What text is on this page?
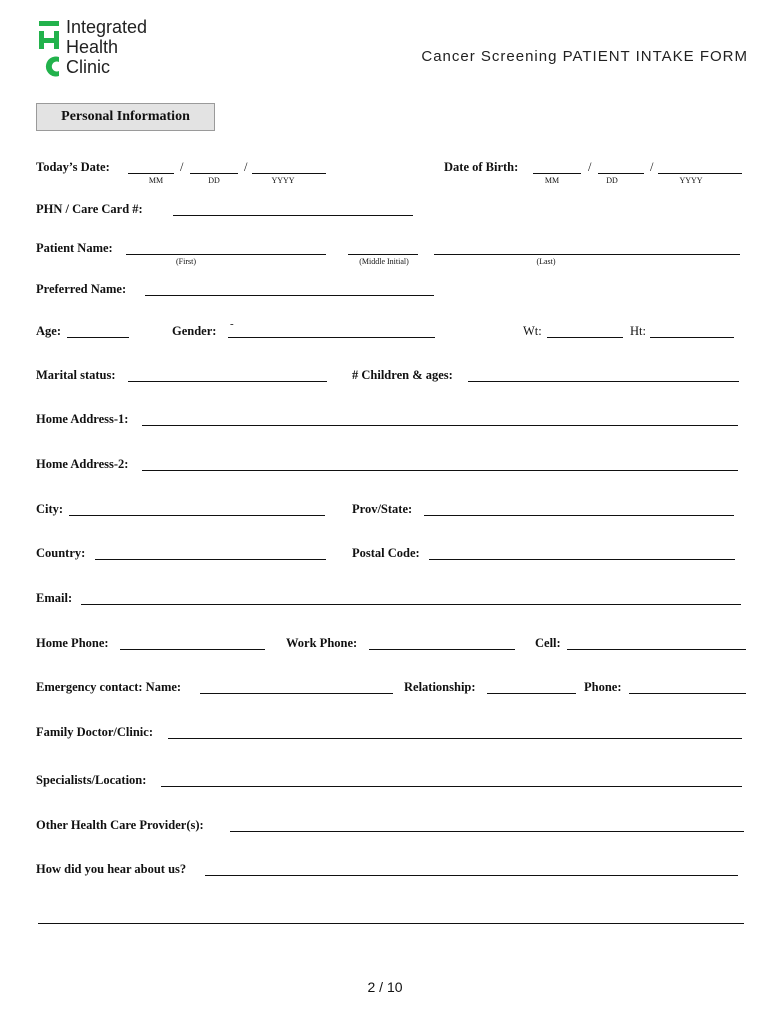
Integrated
Health
Clinic
Cancer Screening PATIENT INTAKE FORM
Personal Information
Today’s Date:	/	/
MM	DD	YYYY
Date of Birth:	/	/
MM	DD	YYYY
PHN / Care Card #:
Patient Name:
(First)	(Middle Initial)	(Last)
Preferred Name:
Age:	Gender: -	Wt:	Ht:
Marital status:	# Children & ages:
Home Address-1:
Home Address-2:
City:	Prov/State:
Country:	Postal Code:
Email:
Home Phone:	Work Phone:	Cell:
Emergency contact: Name:	Relationship:	Phone:
Family Doctor/Clinic:
Specialists/Location:
Other Health Care Provider(s):
How did you hear about us?
2 / 10
